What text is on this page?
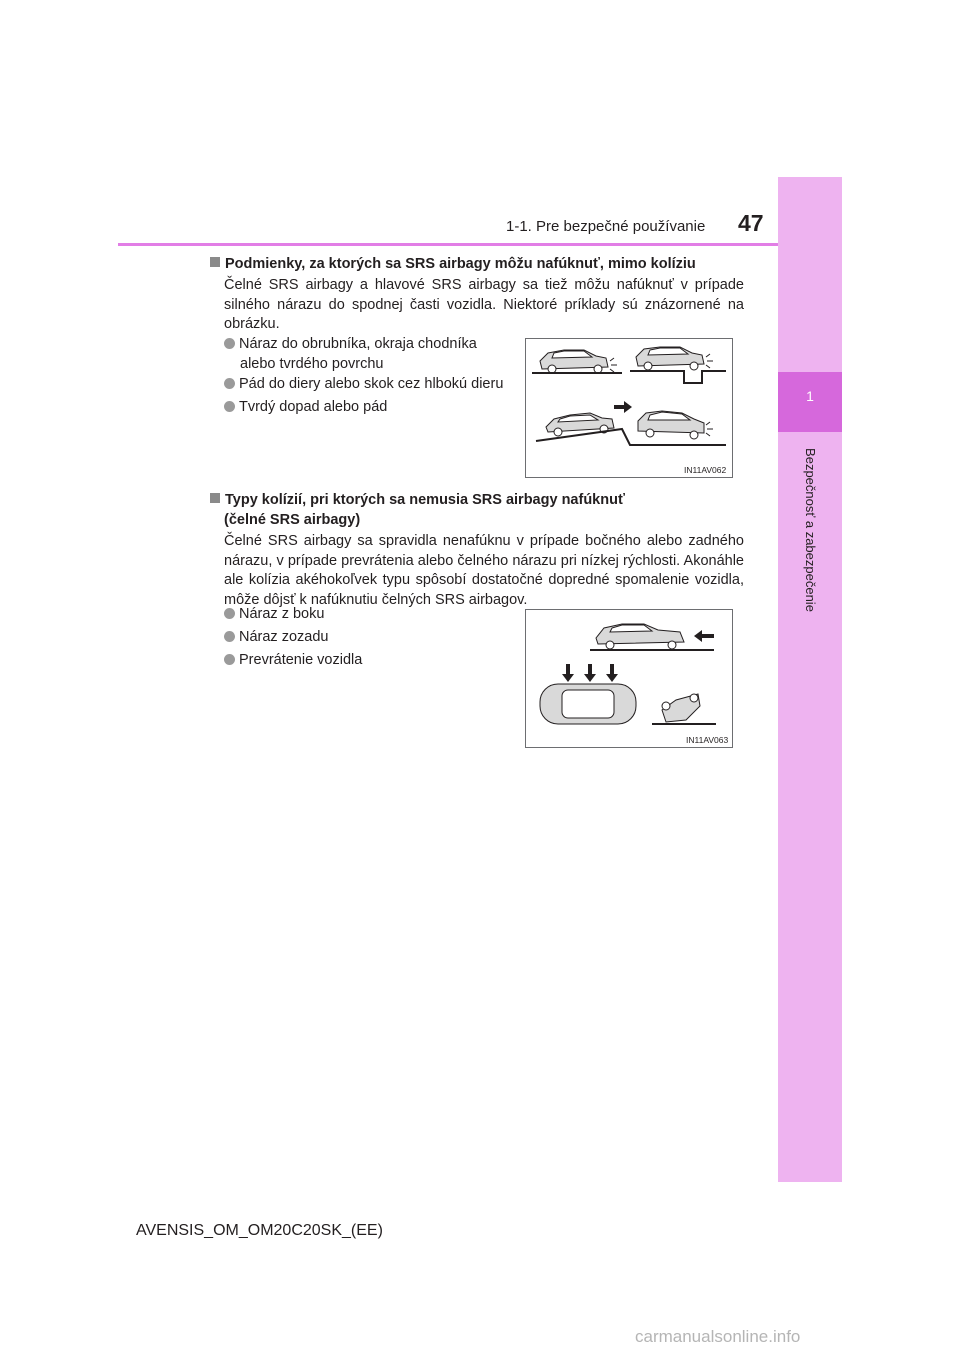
1-1. Pre bezpečné používanie 47
1
Bezpečnosť a zabezpečenie
Podmienky, za ktorých sa SRS airbagy môžu nafúknuť, mimo kolíziu
Čelné SRS airbagy a hlavové SRS airbagy sa tiež môžu nafúknuť v prípade silného nárazu do spodnej časti vozidla. Niektoré príklady sú znázornené na obrázku.
Náraz do obrubníka, okraja chodníka
alebo tvrdého povrchu
Pád do diery alebo skok cez hlbokú dieru
Tvrdý dopad alebo pád
IN11AV062
Typy kolízií, pri ktorých sa nemusia SRS airbagy nafúknuť
(čelné SRS airbagy)
Čelné SRS airbagy sa spravidla nenafúknu v prípade bočného alebo zadného nárazu, v prípade prevrátenia alebo čelného nárazu pri nízkej rýchlosti. Akonáhle ale kolízia akéhokoľvek typu spôsobí dostatočné dopredné spomalenie vozidla, môže dôjsť k nafúknutiu čelných SRS airbagov.
Náraz z boku
Náraz zozadu
Prevrátenie vozidla
IN11AV063
AVENSIS_OM_OM20C20SK_(EE)
carmanualsonline.info
